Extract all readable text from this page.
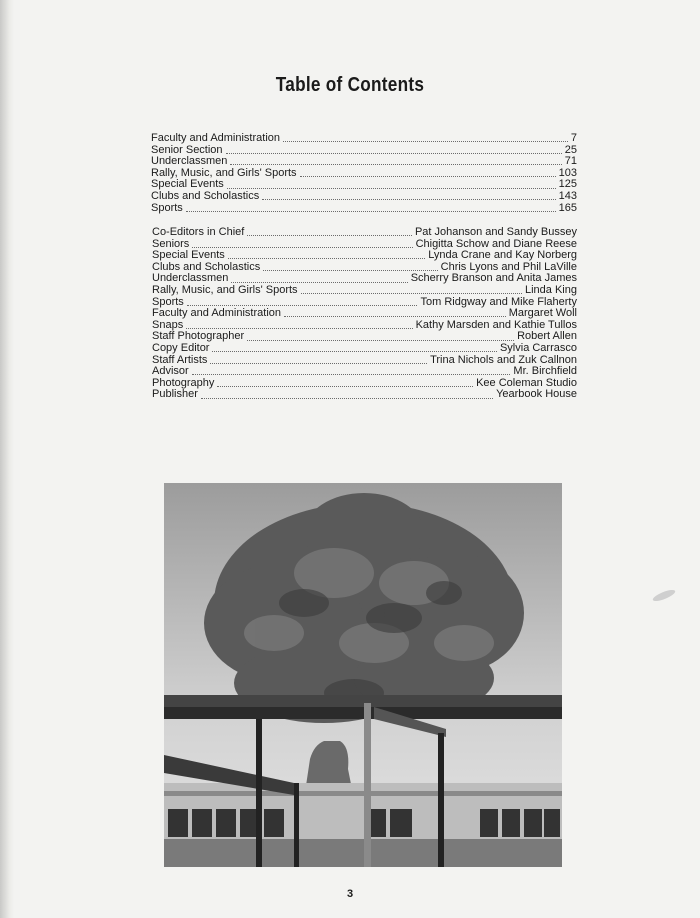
Table of Contents
Faculty and Administration	7
Senior Section	25
Underclassmen	71
Rally, Music, and Girls' Sports	103
Special Events	125
Clubs and Scholastics	143
Sports	165
Co-Editors in Chief	Pat Johanson and Sandy Bussey
Seniors	Chigitta Schow and Diane Reese
Special Events	Lynda Crane and Kay Norberg
Clubs and Scholastics	Chris Lyons and Phil LaVille
Underclassmen	Scherry Branson and Anita James
Rally, Music, and Girls' Sports	Linda King
Sports	Tom Ridgway and Mike Flaherty
Faculty and Administration	Margaret Woll
Snaps	Kathy Marsden and Kathie Tullos
Staff Photographer	Robert Allen
Copy Editor	Sylvia Carrasco
Staff Artists	Trina Nichols and Zuk Callnon
Advisor	Mr. Birchfield
Photography	Kee Coleman Studio
Publisher	Yearbook House
3
